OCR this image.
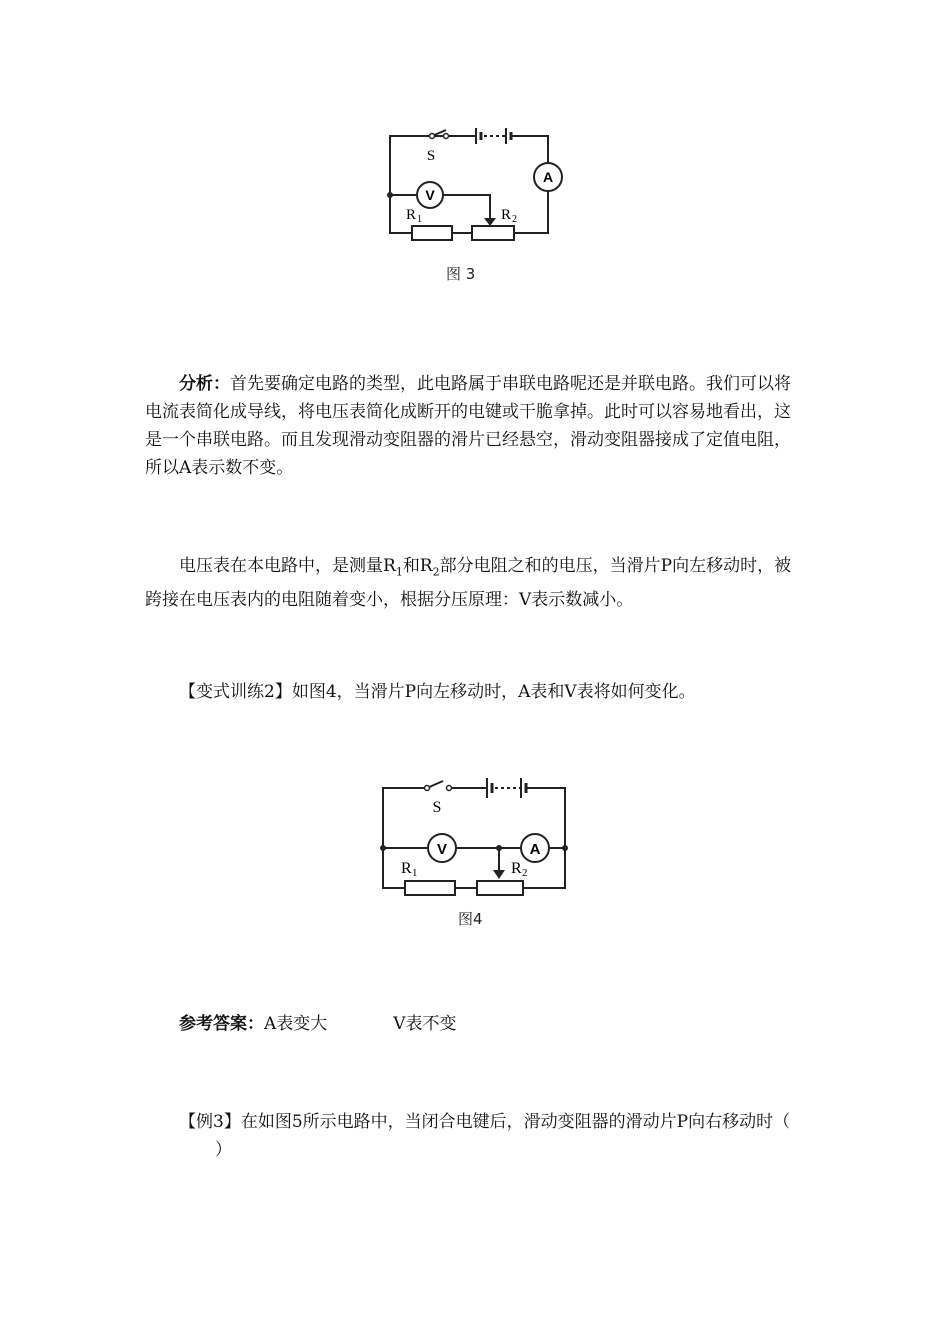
S
V
A
R 1	R 2
图 3
分析：首先要确定电路的类型，此电路属于串联电路呢还是并联电路。我们可以将电流表简化成导线，将电压表简化成断开的电键或干脆拿掉。此时可以容易地看出，这是一个串联电路。而且发现滑动变阻器的滑片已经悬空，滑动变阻器接成了定值电阻，所以A表示数不变。
电压表在本电路中，是测量$R_1$和$R_2$部分电阻之和的电压，当滑片P向左移动时，被跨接在电压表内的电阻随着变小，根据分压原理：V表示数减小。
【变式训练2】如图4，当滑片P向左移动时，A表和V表将如何变化。
S
V	A
R 1	R 2
图4
参考答案：A表变大	V表不变
【例3】在如图5所示电路中，当闭合电键后，滑动变阻器的滑动片P向右移动时（）
